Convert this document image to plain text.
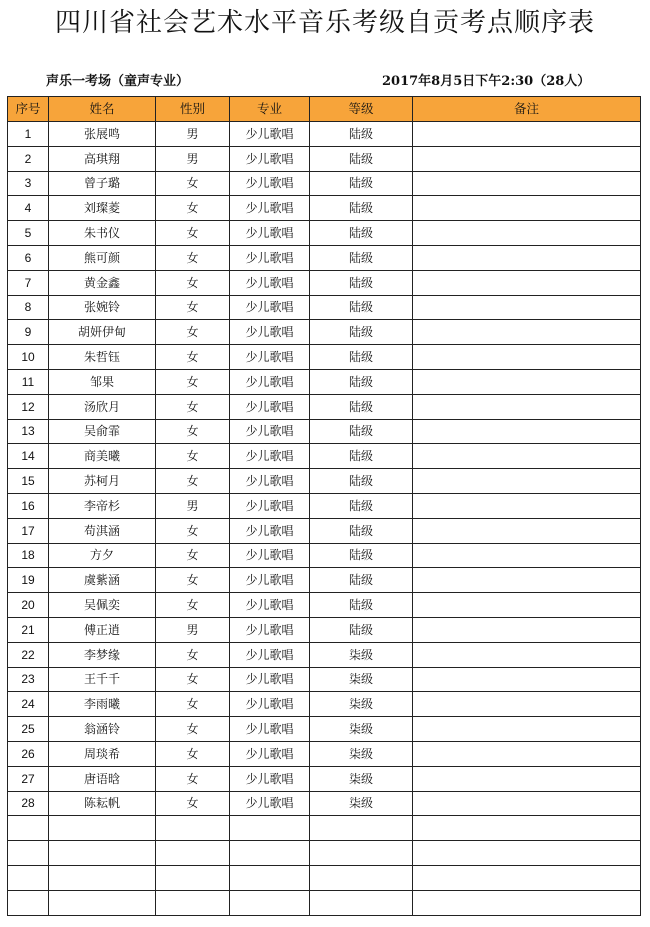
四川省社会艺术水平音乐考级自贡考点顺序表
声乐一考场（童声专业）	2017年8月5日下午2:30（28人）
序号	姓名	性别	专业	等级	备注
1	张展鸣	男	少儿歌唱	陆级	
2	高琪翔	男	少儿歌唱	陆级	
3	曾子璐	女	少儿歌唱	陆级	
4	刘璨菱	女	少儿歌唱	陆级	
5	朱书仪	女	少儿歌唱	陆级	
6	熊可颜	女	少儿歌唱	陆级	
7	黄金鑫	女	少儿歌唱	陆级	
8	张婉铃	女	少儿歌唱	陆级	
9	胡妍伊甸	女	少儿歌唱	陆级	
10	朱哲钰	女	少儿歌唱	陆级	
11	邹果	女	少儿歌唱	陆级	
12	汤欣月	女	少儿歌唱	陆级	
13	吴俞霏	女	少儿歌唱	陆级	
14	商美曦	女	少儿歌唱	陆级	
15	苏柯月	女	少儿歌唱	陆级	
16	李帝杉	男	少儿歌唱	陆级	
17	苟淇涵	女	少儿歌唱	陆级	
18	方夕	女	少儿歌唱	陆级	
19	虞紫涵	女	少儿歌唱	陆级	
20	吴佩奕	女	少儿歌唱	陆级	
21	傅正逍	男	少儿歌唱	陆级	
22	李梦缘	女	少儿歌唱	柒级	
23	王千千	女	少儿歌唱	柒级	
24	李雨曦	女	少儿歌唱	柒级	
25	翁涵铃	女	少儿歌唱	柒级	
26	周琰希	女	少儿歌唱	柒级	
27	唐语晗	女	少儿歌唱	柒级	
28	陈耘帆	女	少儿歌唱	柒级	
